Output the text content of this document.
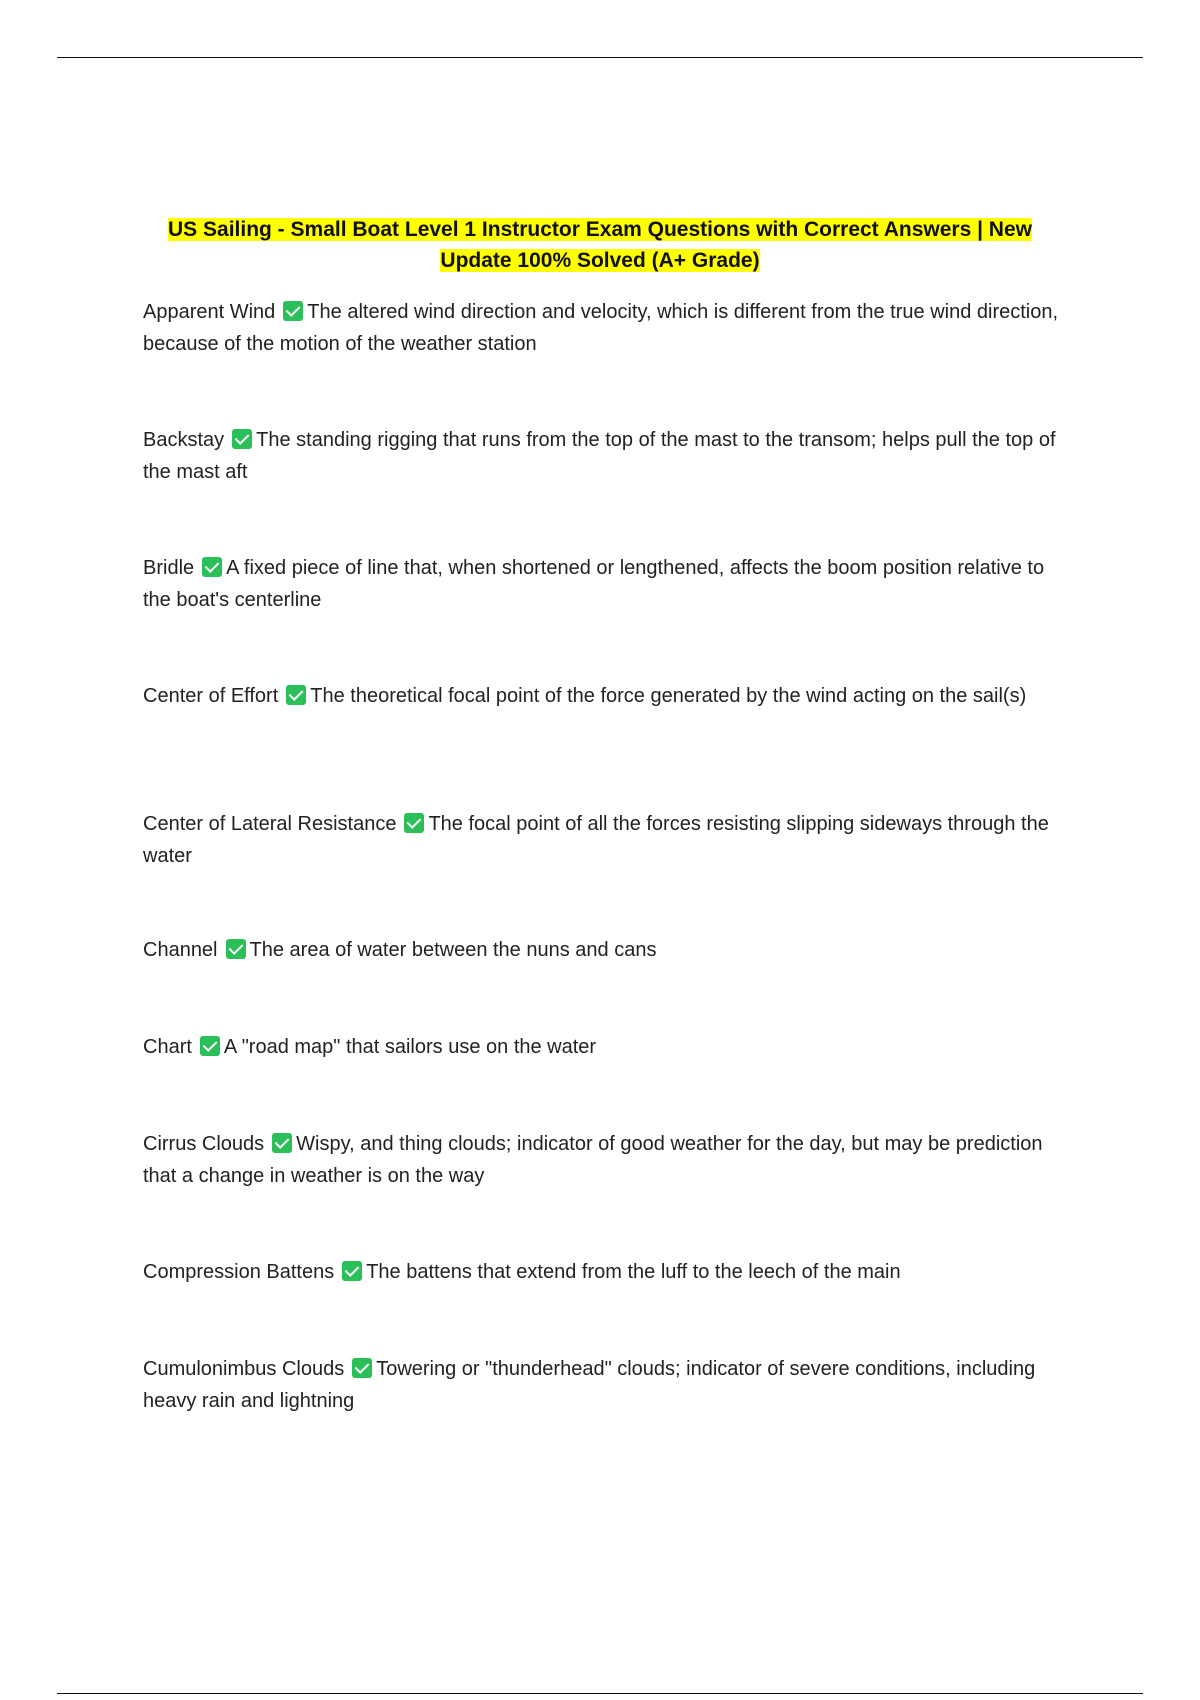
US Sailing - Small Boat Level 1 Instructor Exam Questions with Correct Answers | New Update 100% Solved (A+ Grade)
Apparent Wind The altered wind direction and velocity, which is different from the true wind direction, because of the motion of the weather station
Backstay The standing rigging that runs from the top of the mast to the transom; helps pull the top of the mast aft
Bridle A fixed piece of line that, when shortened or lengthened, affects the boom position relative to the boat's centerline
Center of Effort The theoretical focal point of the force generated by the wind acting on the sail(s)
Center of Lateral Resistance The focal point of all the forces resisting slipping sideways through the water
Channel The area of water between the nuns and cans
Chart A "road map" that sailors use on the water
Cirrus Clouds Wispy, and thing clouds; indicator of good weather for the day, but may be prediction that a change in weather is on the way
Compression Battens The battens that extend from the luff to the leech of the main
Cumulonimbus Clouds Towering or "thunderhead" clouds; indicator of severe conditions, including heavy rain and lightning
